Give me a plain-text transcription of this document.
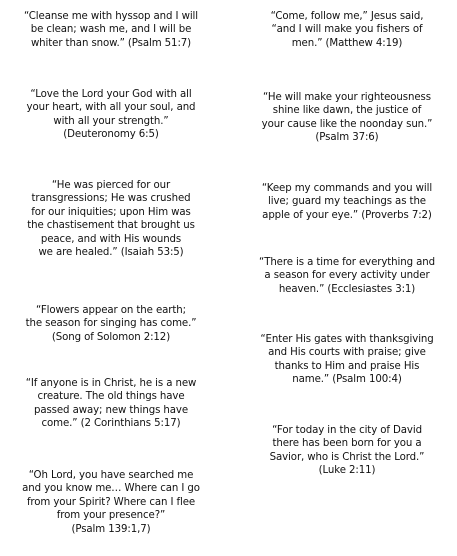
“Cleanse me with hyssop and I will
be clean; wash me, and I will be
whiter than snow.” (Psalm 51:7)

“Love the Lord your God with all
your heart, with all your soul, and
with all your strength.”
(Deuteronomy 6:5)

“He was pierced for our
transgressions; He was crushed
for our iniquities; upon Him was
the chastisement that brought us
peace, and with His wounds
we are healed.” (Isaiah 53:5)

“Flowers appear on the earth;
the season for singing has come.”
(Song of Solomon 2:12)

“If anyone is in Christ, he is a new
creature. The old things have
passed away; new things have
come.” (2 Corinthians 5:17)

“Oh Lord, you have searched me
and you know me… Where can I go
from your Spirit? Where can I flee
from your presence?”
(Psalm 139:1,7)

“Come, follow me,” Jesus said,
“and I will make you fishers of
men.” (Matthew 4:19)

“He will make your righteousness
shine like dawn, the justice of
your cause like the noonday sun.”
(Psalm 37:6)

“Keep my commands and you will
live; guard my teachings as the
apple of your eye.” (Proverbs 7:2)

“There is a time for everything and
a season for every activity under
heaven.” (Ecclesiastes 3:1)

“Enter His gates with thanksgiving
and His courts with praise; give
thanks to Him and praise His
name.” (Psalm 100:4)

“For today in the city of David
there has been born for you a
Savior, who is Christ the Lord.”
(Luke 2:11)
